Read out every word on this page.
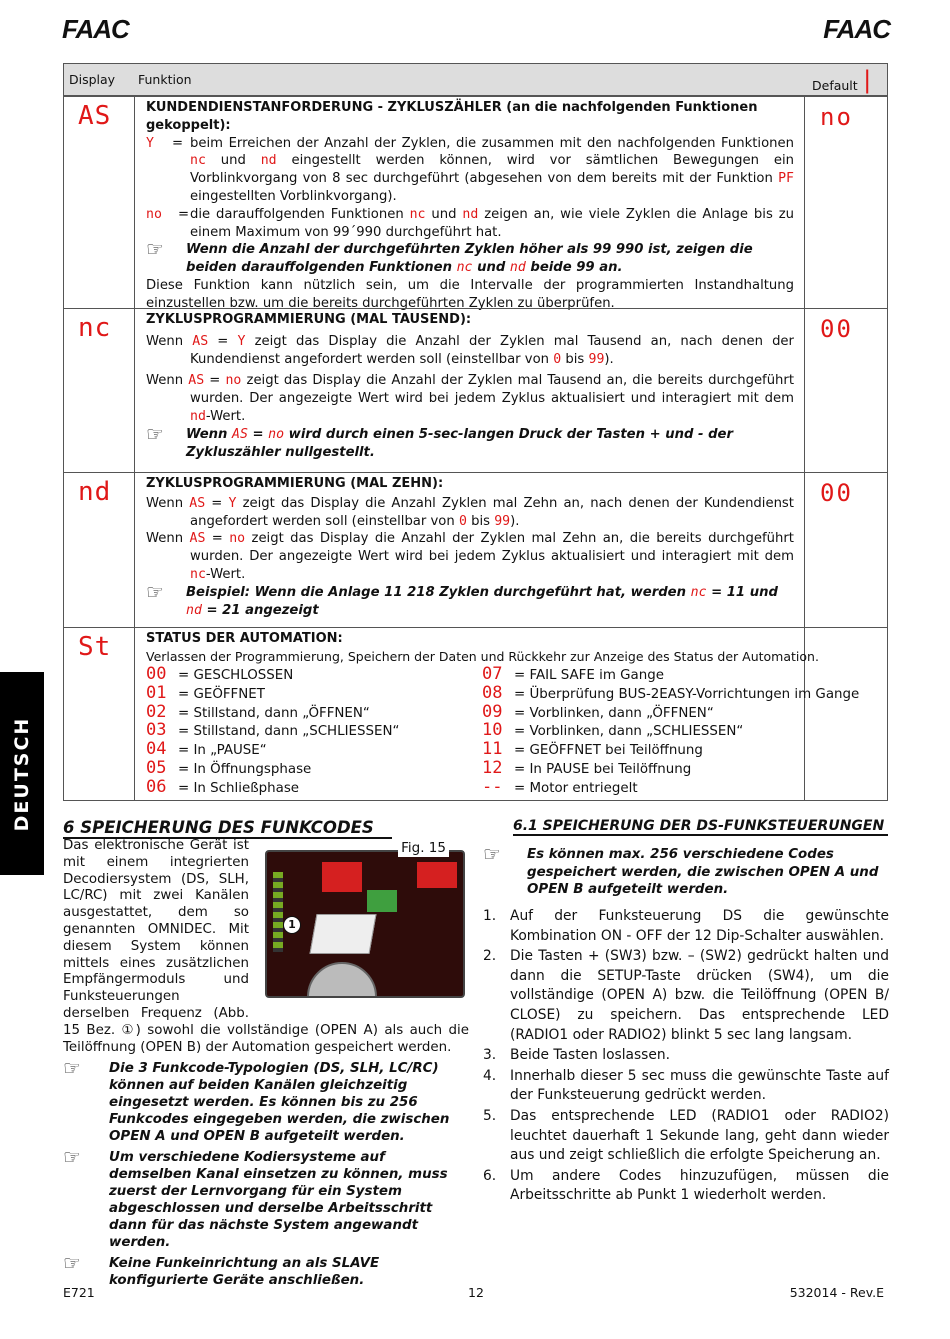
FAAC	FAAC
Display Funktion	Default |
AS	KUNDENDIENSTANFORDERUNG - ZYKLUSZÄHLER (an die nachfolgenden Funktionen gekoppelt):
Y = beim Erreichen der Anzahl der Zyklen, die zusammen mit den nachfolgenden Funktionen nc und nd eingestellt werden können, wird vor sämtlichen Bewegungen ein Vorblinkvorgang von 8 sec durchgeführt (abgesehen von dem bereits mit der Funktion PF eingestellten Vorblinkvorgang).
no =die darauffolgenden Funktionen nc und nd zeigen an, wie viele Zyklen die Anlage bis zu einem Maximum von 99´990 durchgeführt hat.
☞	Wenn die Anzahl der durchgeführten Zyklen höher als 99 990 ist, zeigen die beiden darauffolgenden Funktionen nc und nd beide 99 an.
Diese Funktion kann nützlich sein, um die Intervalle der programmierten Instandhaltung einzustellen bzw. um die bereits durchgeführten Zyklen zu überprüfen.
no
nc	ZYKLUSPROGRAMMIERUNG (MAL TAUSEND):
Wenn AS = Y zeigt das Display die Anzahl der Zyklen mal Tausend an, nach denen der Kundendienst angefordert werden soll (einstellbar von 0 bis 99).
Wenn AS = no zeigt das Display die Anzahl der Zyklen mal Tausend an, die bereits durchgeführt wurden. Der angezeigte Wert wird bei jedem Zyklus aktualisiert und interagiert mit dem nd-Wert.
☞	Wenn AS = no wird durch einen 5-sec-langen Druck der Tasten + und - der Zykluszähler nullgestellt.
00
nd	ZYKLUSPROGRAMMIERUNG (MAL ZEHN):
Wenn AS = Y zeigt das Display die Anzahl Zyklen mal Zehn an, nach denen der Kundendienst angefordert werden soll (einstellbar von 0 bis 99).
Wenn AS = no zeigt das Display die Anzahl der Zyklen mal Zehn an, die bereits durchgeführt wurden. Der angezeigte Wert wird bei jedem Zyklus aktualisiert und interagiert mit dem nc-Wert.
☞	Beispiel: Wenn die Anlage 11 218 Zyklen durchgeführt hat, werden nc = 11 und nd = 21 angezeigt
00
St	STATUS DER AUTOMATION:
Verlassen der Programmierung, Speichern der Daten und Rückkehr zur Anzeige des Status der Automation.
00 = GESCHLOSSEN
01 = GEÖFFNET
02 = Stillstand, dann „ÖFFNEN“
03 = Stillstand, dann „SCHLIESSEN“
04 = In „PAUSE“
05 = In Öffnungsphase
06 = In Schließphase
07 = FAIL SAFE im Gange
08 = Überprüfung BUS-2EASY-Vorrichtungen im Gange
09 = Vorblinken, dann „ÖFFNEN“
10 = Vorblinken, dann „SCHLIESSEN“
11 = GEÖFFNET bei Teilöffnung
12 = In PAUSE bei Teilöffnung
-- = Motor entriegelt
DEUTSCH 6 SPEICHERUNG DES FUNKCODES
Fig. 15
1
Das elektronische Gerät ist mit einem integrierten Decodiersystem (DS, SLH, LC/RC) mit zwei Kanälen ausgestattet, dem so genannten OMNIDEC. Mit diesem System können mittels eines zusätzlichen Empfängermoduls und Funksteuerungen derselben Frequenz (Abb. 15 Bez. ①) sowohl die vollständige (OPEN A) als auch die Teilöffnung (OPEN B) der Automation gespeichert werden.
☞	Die 3 Funkcode-Typologien (DS, SLH, LC/RC) können auf beiden Kanälen gleichzeitig eingesetzt werden. Es können bis zu 256 Funkcodes eingegeben werden, die zwischen OPEN A und OPEN B aufgeteilt werden.
☞	Um verschiedene Kodiersysteme auf demselben Kanal einsetzen zu können, muss zuerst der Lernvorgang für ein System abgeschlossen und derselbe Arbeitsschritt dann für das nächste System angewandt werden.
☞	Keine Funkeinrichtung an als SLAVE konfigurierte Geräte anschließen.
6.1 SPEICHERUNG DER DS-FUNKSTEUERUNGEN
☞	Es können max. 256 verschiedene Codes gespeichert werden, die zwischen OPEN A und OPEN B aufgeteilt werden.
1.	Auf der Funksteuerung DS die gewünschte Kombination ON - OFF der 12 Dip-Schalter auswählen.
2.	Die Tasten + (SW3) bzw. – (SW2) gedrückt halten und dann die SETUP-Taste drücken (SW4), um die vollständige (OPEN A) bzw. die Teilöffnung (OPEN B/ CLOSE) zu speichern. Das entsprechende LED (RADIO1 oder RADIO2) blinkt 5 sec lang langsam.
3.	Beide Tasten loslassen.
4.	Innerhalb dieser 5 sec muss die gewünschte Taste auf der Funksteuerung gedrückt werden.
5.	Das entsprechende LED (RADIO1 oder RADIO2) leuchtet dauerhaft 1 Sekunde lang, geht dann wieder aus und zeigt schließlich die erfolgte Speicherung an.
6.	Um andere Codes hinzuzufügen, müssen die Arbeitsschritte ab Punkt 1 wiederholt werden.
E721	12	532014 - Rev.E
